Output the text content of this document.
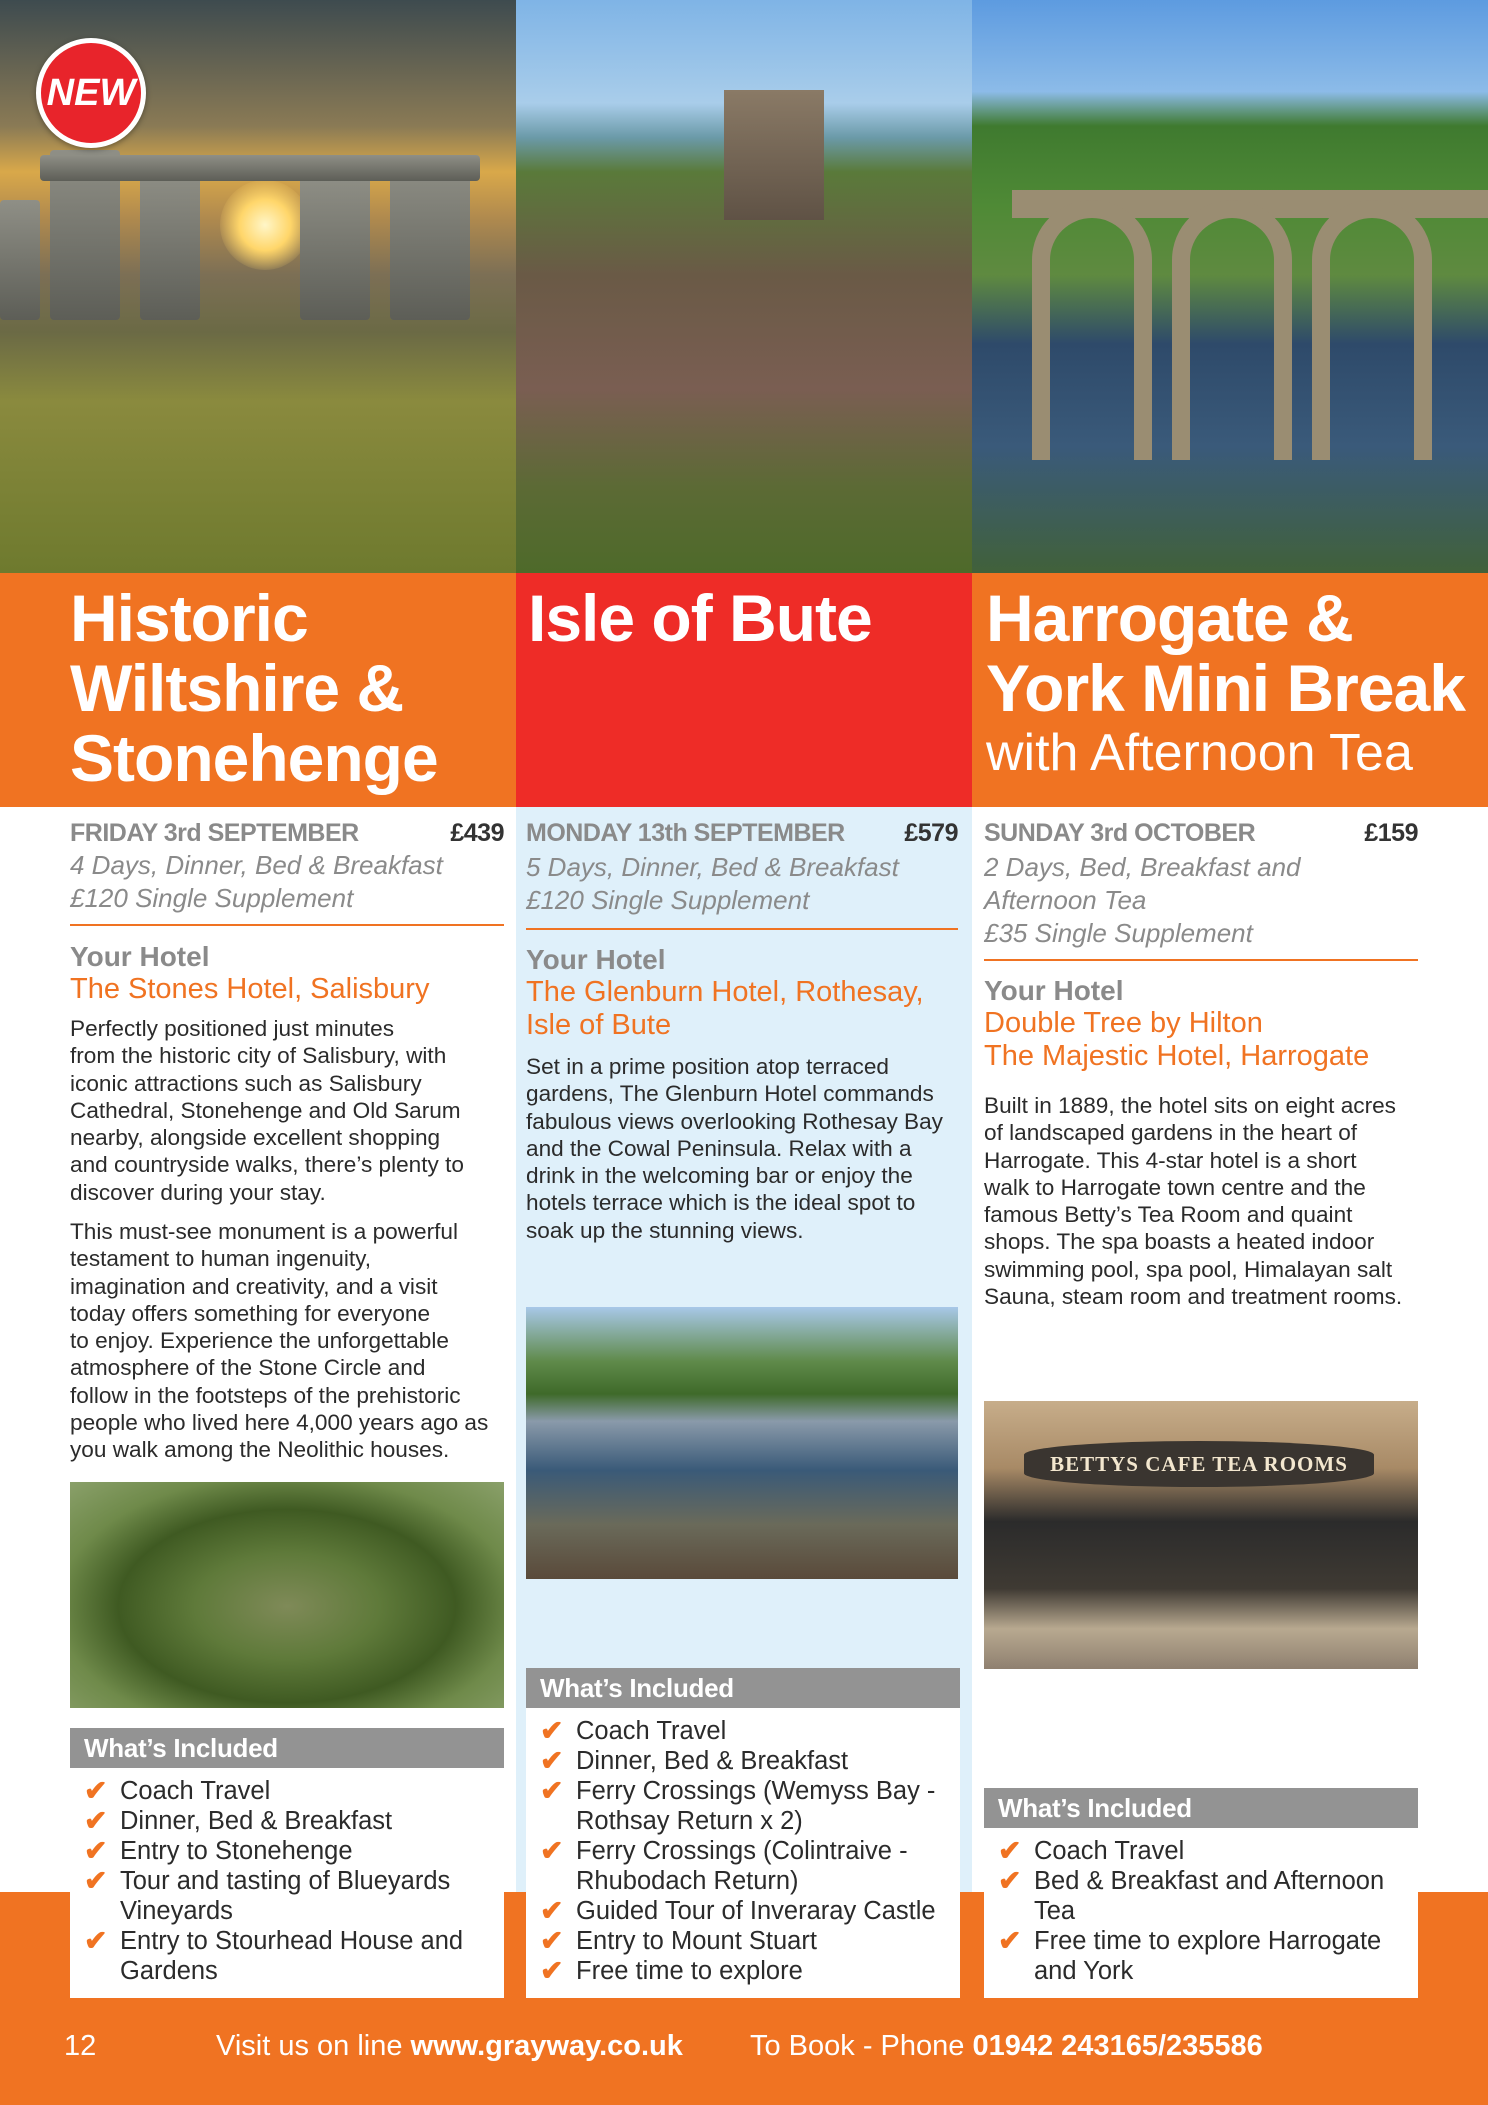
NEW
Historic
Wiltshire &
Stonehenge
Isle of Bute Harrogate &
York Mini Break
with Afternoon Tea
FRIDAY 3rd SEPTEMBER	£439
4 Days, Dinner, Bed & Breakfast
£120 Single Supplement
Your Hotel
The Stones Hotel, Salisbury
Perfectly positioned just minutes
from the historic city of Salisbury, with
iconic attractions such as Salisbury
Cathedral, Stonehenge and Old Sarum
nearby, alongside excellent shopping
and countryside walks, there’s plenty to
discover during your stay.
This must-see monument is a powerful
testament to human ingenuity,
imagination and creativity, and a visit
today offers something for everyone
to enjoy. Experience the unforgettable
atmosphere of the Stone Circle and
follow in the footsteps of the prehistoric
people who lived here 4,000 years ago as
you walk among the Neolithic houses.
What’s Included
✔ Coach Travel
✔ Dinner, Bed & Breakfast
✔ Entry to Stonehenge
✔ Tour and tasting of Blueyards
Vineyards
✔ Entry to Stourhead House and
Gardens
MONDAY 13th SEPTEMBER £579
5 Days, Dinner, Bed & Breakfast
£120 Single Supplement
Your Hotel
The Glenburn Hotel, Rothesay,
Isle of Bute
Set in a prime position atop terraced
gardens, The Glenburn Hotel commands
fabulous views overlooking Rothesay Bay
and the Cowal Peninsula. Relax with a
drink in the welcoming bar or enjoy the
hotels terrace which is the ideal spot to
soak up the stunning views.
What’s Included
✔ Coach Travel
✔ Dinner, Bed & Breakfast
✔ Ferry Crossings (Wemyss Bay -
Rothsay Return x 2)
✔ Ferry Crossings (Colintraive -
Rhubodach Return)
✔ Guided Tour of Inveraray Castle
✔ Entry to Mount Stuart
✔ Free time to explore
SUNDAY 3rd OCTOBER	£159
2 Days, Bed, Breakfast and
Afternoon Tea
£35 Single Supplement
Your Hotel
Double Tree by Hilton
The Majestic Hotel, Harrogate
Built in 1889, the hotel sits on eight acres
of landscaped gardens in the heart of
Harrogate. This 4-star hotel is a short
walk to Harrogate town centre and the
famous Betty’s Tea Room and quaint
shops. The spa boasts a heated indoor
swimming pool, spa pool, Himalayan salt
Sauna, steam room and treatment rooms.
BETTYS CAFE TEA ROOMS
What’s Included
✔ Coach Travel
✔ Bed & Breakfast and Afternoon
Tea
✔ Free time to explore Harrogate
and York
12	Visit us on line www.grayway.co.uk To Book - Phone 01942 243165/235586
